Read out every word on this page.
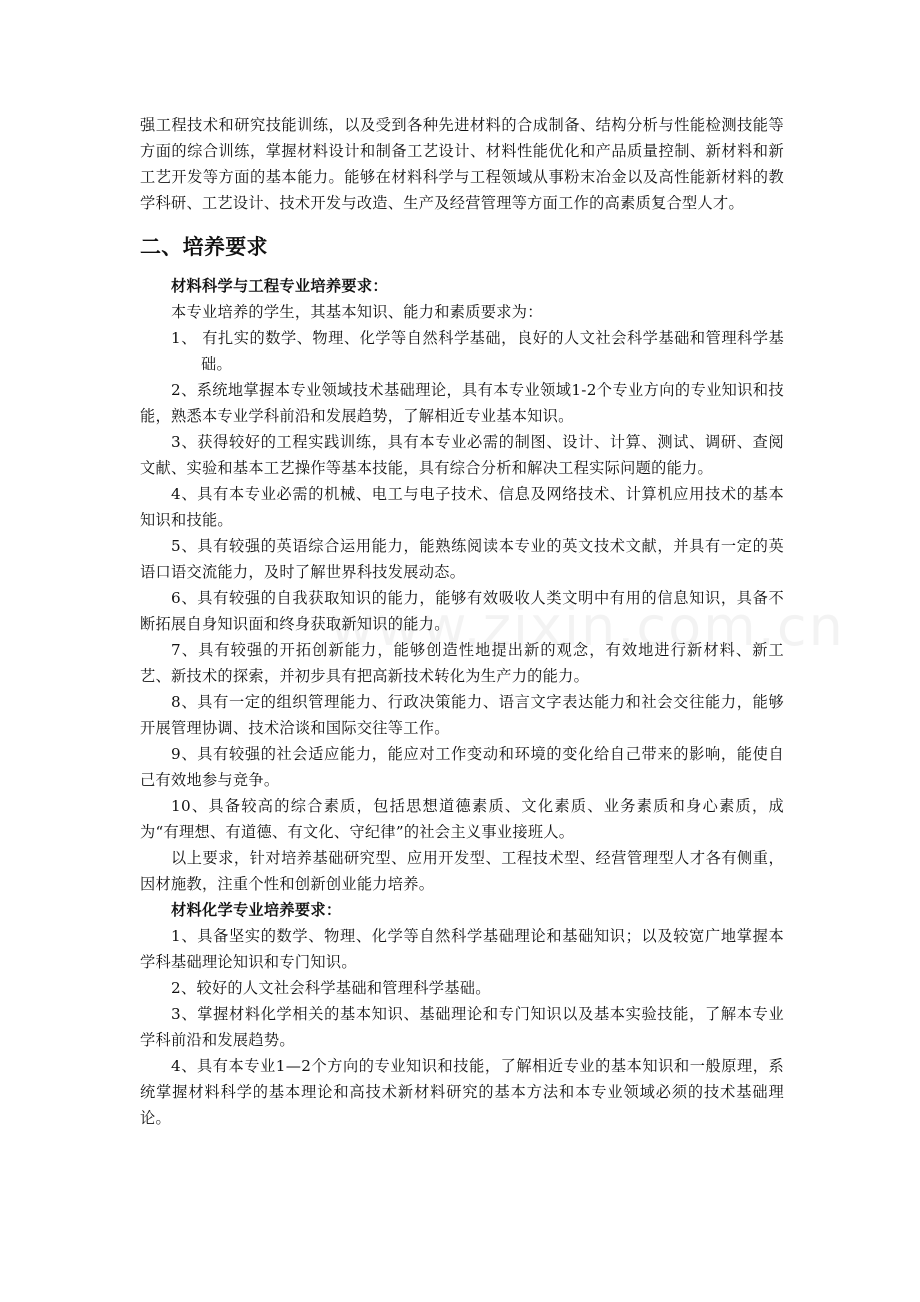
强工程技术和研究技能训练，以及受到各种先进材料的合成制备、结构分析与性能检测技能等方面的综合训练，掌握材料设计和制备工艺设计、材料性能优化和产品质量控制、新材料和新工艺开发等方面的基本能力。能够在材料科学与工程领域从事粉末冶金以及高性能新材料的教学科研、工艺设计、技术开发与改造、生产及经营管理等方面工作的高素质复合型人才。

二、培养要求

材料科学与工程专业培养要求：

本专业培养的学生，其基本知识、能力和素质要求为：

1、 有扎实的数学、物理、化学等自然科学基础，良好的人文社会科学基础和管理科学基础。

2、系统地掌握本专业领域技术基础理论，具有本专业领域1-2个专业方向的专业知识和技能，熟悉本专业学科前沿和发展趋势，了解相近专业基本知识。

3、获得较好的工程实践训练，具有本专业必需的制图、设计、计算、测试、调研、查阅文献、实验和基本工艺操作等基本技能，具有综合分析和解决工程实际问题的能力。

4、具有本专业必需的机械、电工与电子技术、信息及网络技术、计算机应用技术的基本知识和技能。

5、具有较强的英语综合运用能力，能熟练阅读本专业的英文技术文献，并具有一定的英语口语交流能力，及时了解世界科技发展动态。

6、具有较强的自我获取知识的能力，能够有效吸收人类文明中有用的信息知识，具备不断拓展自身知识面和终身获取新知识的能力。

7、具有较强的开拓创新能力，能够创造性地提出新的观念，有效地进行新材料、新工艺、新技术的探索，并初步具有把高新技术转化为生产力的能力。

8、具有一定的组织管理能力、行政决策能力、语言文字表达能力和社会交往能力，能够开展管理协调、技术洽谈和国际交往等工作。

9、具有较强的社会适应能力，能应对工作变动和环境的变化给自己带来的影响，能使自己有效地参与竞争。

10、具备较高的综合素质，包括思想道德素质、文化素质、业务素质和身心素质，成为“有理想、有道德、有文化、守纪律”的社会主义事业接班人。

以上要求，针对培养基础研究型、应用开发型、工程技术型、经营管理型人才各有侧重，因材施教，注重个性和创新创业能力培养。

材料化学专业培养要求：

1、具备坚实的数学、物理、化学等自然科学基础理论和基础知识；以及较宽广地掌握本学科基础理论知识和专门知识。

2、较好的人文社会科学基础和管理科学基础。

3、掌握材料化学相关的基本知识、基础理论和专门知识以及基本实验技能，了解本专业学科前沿和发展趋势。

4、具有本专业1—2个方向的专业知识和技能，了解相近专业的基本知识和一般原理，系统掌握材料科学的基本理论和高技术新材料研究的基本方法和本专业领域必须的技术基础理论。
